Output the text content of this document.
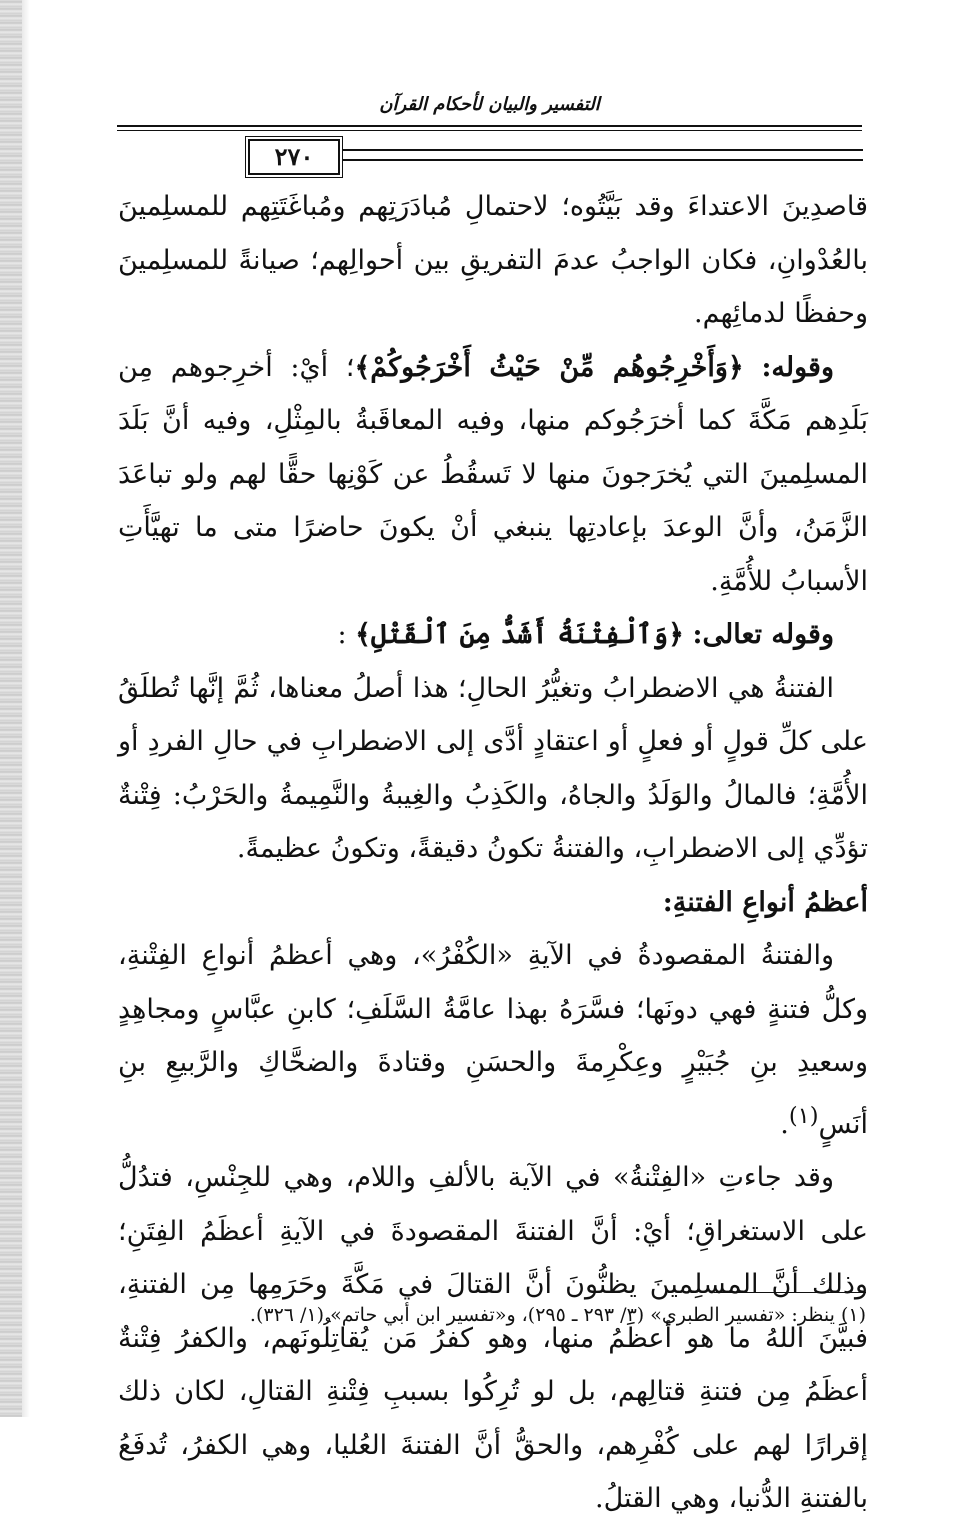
التفسير والبيان لأحكام القرآن
٢٧٠

قاصدِينَ الاعتداءَ وقد بَيَّتُوه؛ لاحتمالِ مُبادَرَتِهم ومُباغَتَتِهم للمسلِمينَ بالعُدْوانِ، فكان الواجبُ عدمَ التفريقِ بين أحوالِهم؛ صيانةً للمسلِمينَ وحفظًا لدمائِهم.

وقوله: ﴿وَأَخْرِجُوهُم مِّنْ حَيْثُ أَخْرَجُوكُمْ﴾؛ أيْ: أخرِجوهم مِن بَلَدِهم مَكَّةَ كما أخرَجُوكم منها، وفيه المعاقَبةُ بالمِثْلِ، وفيه أنَّ بَلَدَ المسلِمينَ التي يُخرَجونَ منها لا تَسقُطُ عن كَوْنِها حقًّا لهم ولو تباعَدَ الزَّمَنُ، وأنَّ الوعدَ بإعادتِها ينبغي أنْ يكونَ حاضرًا متى ما تهيَّأَتِ الأسبابُ للأُمَّةِ.

وقوله تعالى: ﴿وَٱلْفِتْنَةُ أَشَدُّ مِنَ ٱلْقَتْلِ﴾ :

الفتنةُ هي الاضطرابُ وتغيُّرُ الحالِ؛ هذا أصلُ معناها، ثُمَّ إنَّها تُطلَقُ على كلِّ قولٍ أو فعلٍ أو اعتقادٍ أدَّى إلى الاضطرابِ في حالِ الفردِ أو الأُمَّةِ؛ فالمالُ والوَلَدُ والجاهُ، والكَذِبُ والغِيبةُ والنَّمِيمةُ والحَرْبُ: فِتْنةٌ تؤدِّي إلى الاضطرابِ، والفتنةُ تكونُ دقيقةً، وتكونُ عظيمةً.

أعظمُ أنواعِ الفتنةِ:

والفتنةُ المقصودةُ في الآيةِ «الكُفْرُ»، وهي أعظمُ أنواعِ الفِتْنةِ، وكلُّ فتنةٍ فهي دونَها؛ فسَّرَهُ بهذا عامَّةُ السَّلَفِ؛ كابنِ عبَّاسٍ ومجاهِدٍ وسعيدِ بنِ جُبَيْرٍ وعِكْرِمةَ والحسَنِ وقتادةَ والضحَّاكِ والرَّبيعِ بنِ أنَسٍ$^{(١)}$.

وقد جاءتِ «الفِتْنةُ» في الآية بالألفِ واللام، وهي للجِنْسِ، فتدُلُّ على الاستغراقِ؛ أيْ: أنَّ الفتنةَ المقصودةَ في الآيةِ أعظَمُ الفِتَنِ؛ وذلك أنَّ المسلِمينَ يظنُّونَ أنَّ القتالَ في مَكَّةَ وحَرَمِها مِن الفتنةِ، فبيَّنَ اللهُ ما هو أعظَمُ منها، وهو كفرُ مَن يُقاتِلُونَهم، والكفرُ فِتْنةٌ أعظَمُ مِن فتنةِ قتالِهم، بل لو تُرِكُوا بسببِ فِتْنةِ القتالِ، لكان ذلك إقرارًا لهم على كُفْرِهم، والحقُّ أنَّ الفتنةَ العُليا، وهي الكفرُ، تُدفَعُ بالفتنةِ الدُّنيا، وهي القتلُ.

(١) ينظر: «تفسير الطبري» (٣/ ٢٩٣ ـ ٢٩٥)، و«تفسير ابن أبي حاتم» (١/ ٣٢٦).
